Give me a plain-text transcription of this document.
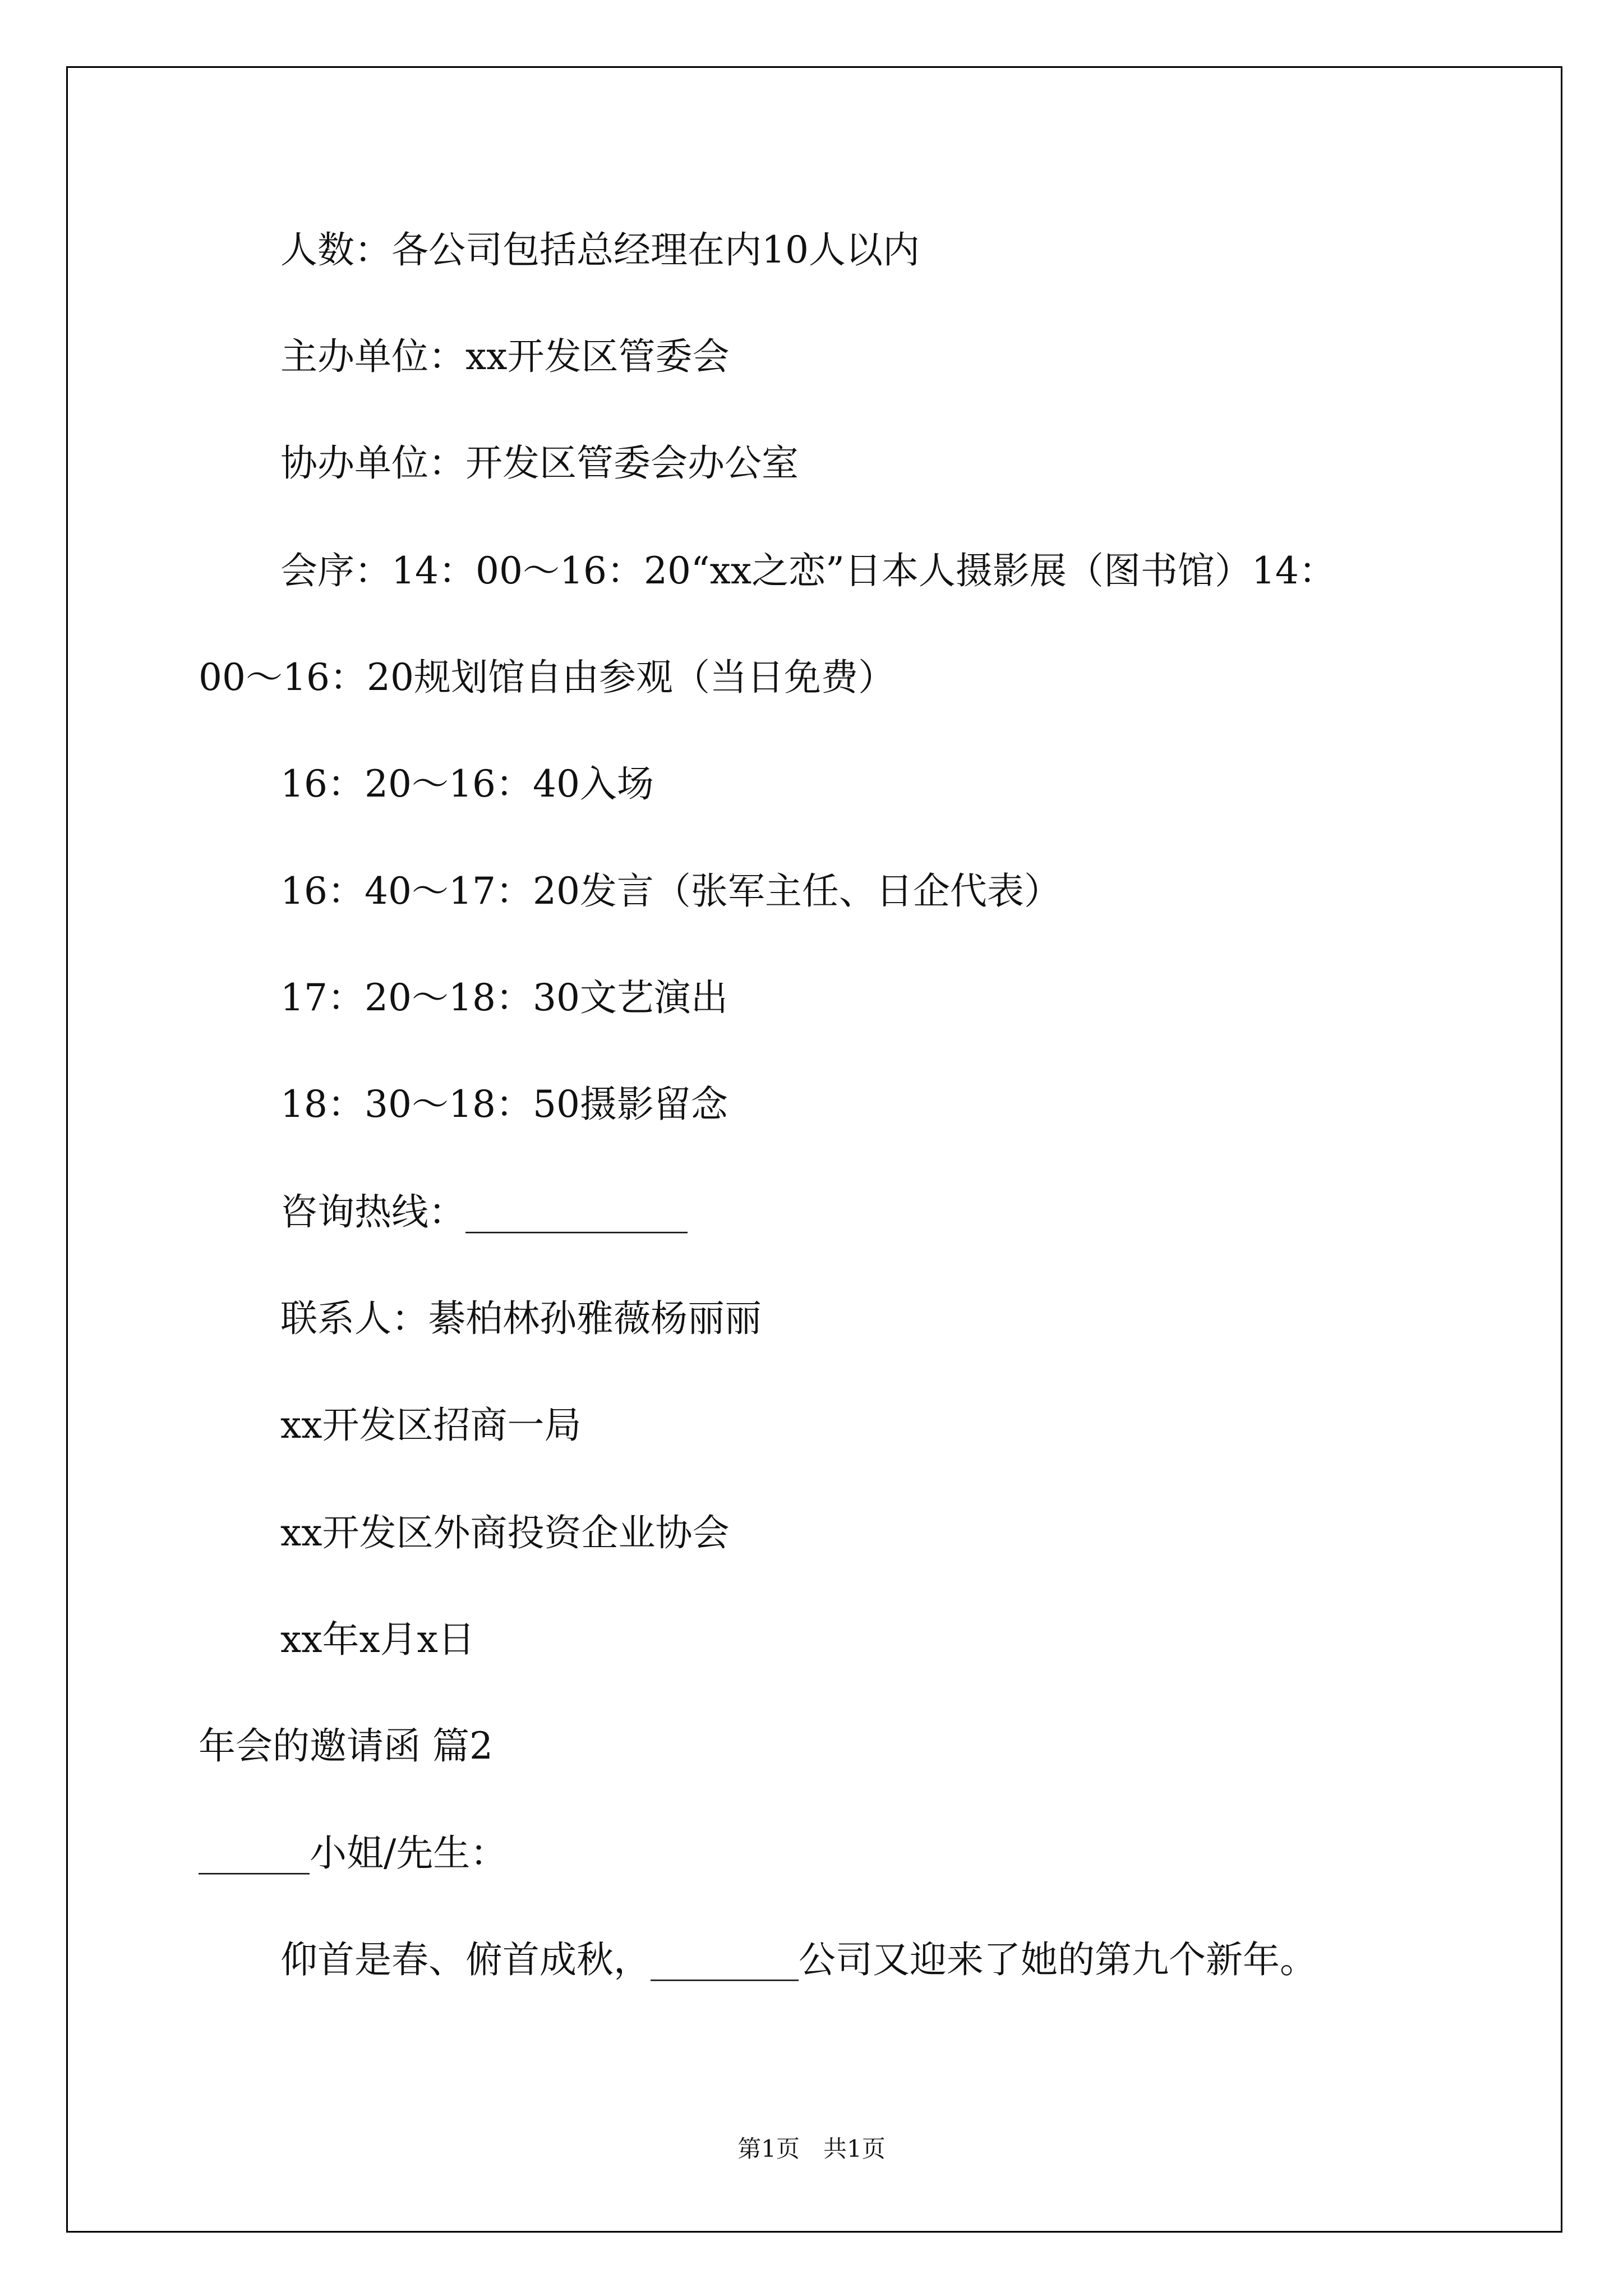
人数：各公司包括总经理在内10人以内
主办单位：xx开发区管委会
协办单位：开发区管委会办公室
会序：14：00～16：20“xx之恋”日本人摄影展（图书馆）14：
00～16：20规划馆自由参观（当日免费）
16：20～16：40入场
16：40～17：20发言（张军主任、日企代表）
17：20～18：30文艺演出
18：30～18：50摄影留念
咨询热线：____________
联系人：綦柏林孙雅薇杨丽丽
xx开发区招商一局
xx开发区外商投资企业协会
xx年x月x日
年会的邀请函 篇2
______小姐/先生：
仰首是春、俯首成秋，________公司又迎来了她的第九个新年。
第1页　共1页
